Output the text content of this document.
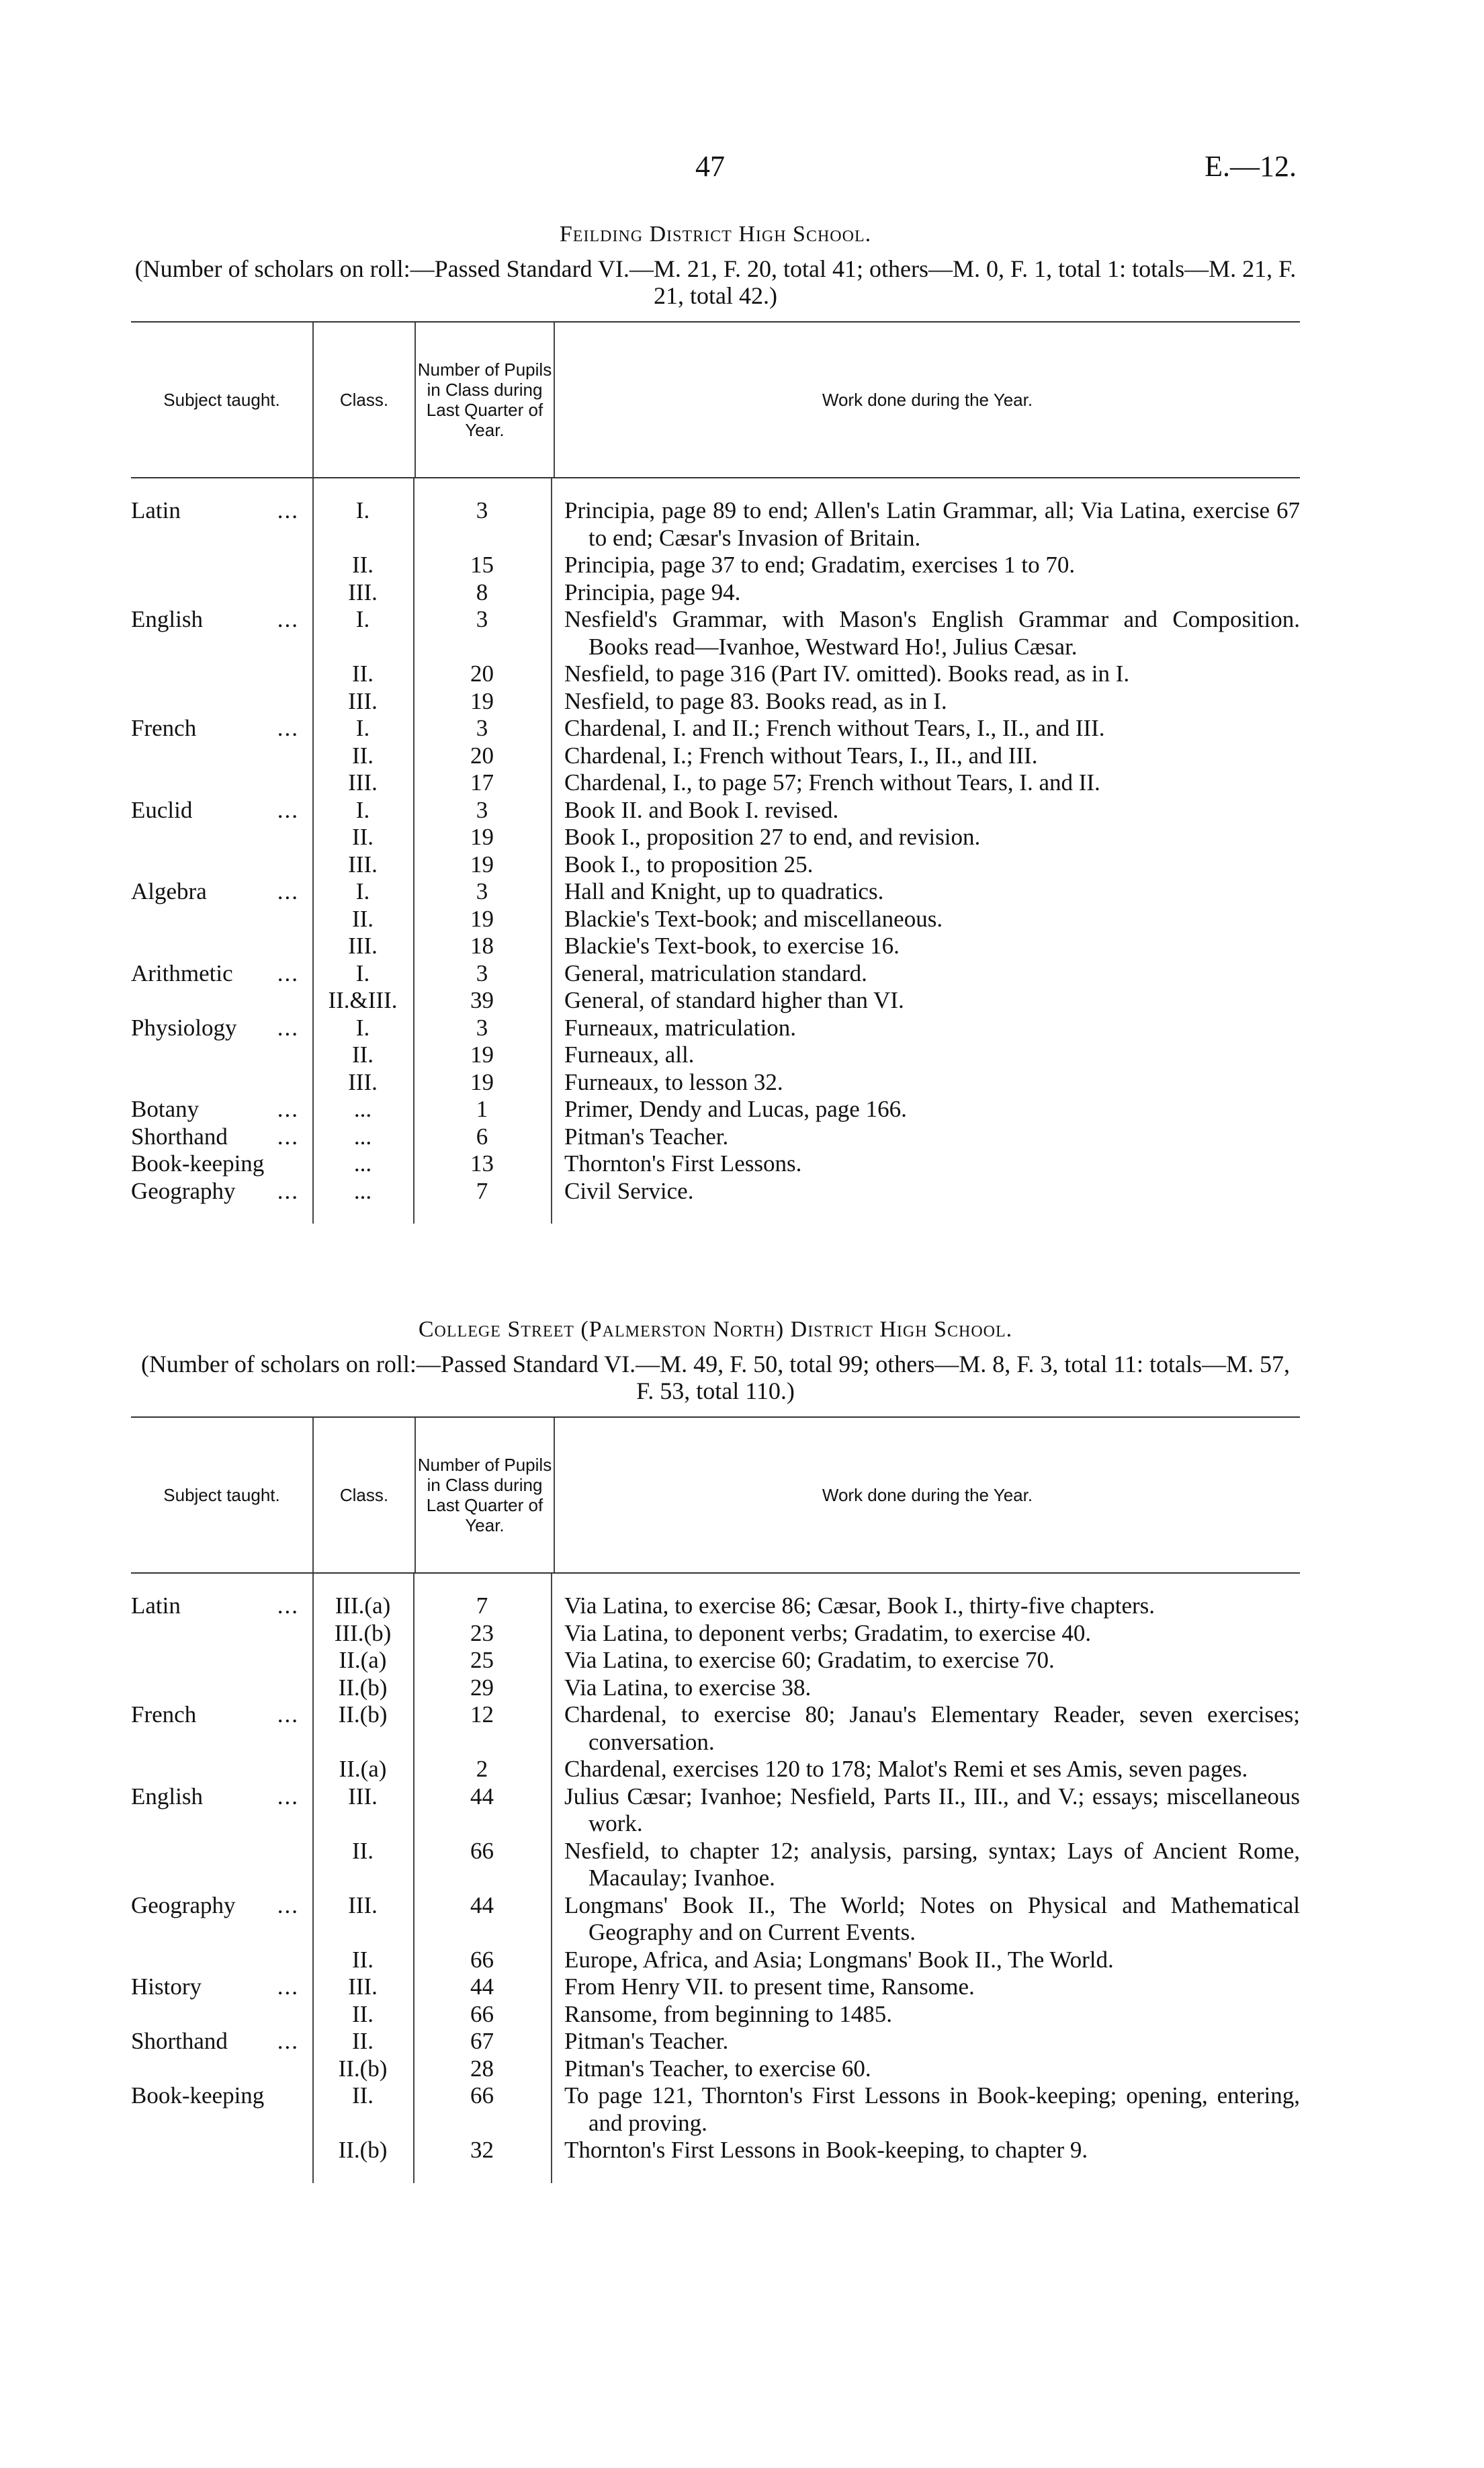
47	E.—12.
Feilding District High School.
(Number of scholars on roll:—Passed Standard VI.—M. 21, F. 20, total 41; others—M. 0, F. 1, total 1: totals—M. 21, F. 21, total 42.)
Subject taught.	Class.
Number of Pupils in Class during Last Quarter of Year.
Work done during the Year.
Latin	...	I.	3	Principia, page 89 to end; Allen's Latin Grammar, all; Via Latina, exercise 67 to end; Cæsar's Invasion of Britain.
II.	15	Principia, page 37 to end; Gradatim, exercises 1 to 70.
III.	8	Principia, page 94.
English	...	I.	3	Nesfield's Grammar, with Mason's English Grammar and Composition. Books read—Ivanhoe, Westward Ho!, Julius Cæsar.
II.	20	Nesfield, to page 316 (Part IV. omitted). Books read, as in I.
III.	19	Nesfield, to page 83. Books read, as in I.
French	...	I.	3	Chardenal, I. and II.; French without Tears, I., II., and III.
II.	20	Chardenal, I.; French without Tears, I., II., and III.
III.	17	Chardenal, I., to page 57; French without Tears, I. and II.
Euclid	...	I.	3	Book II. and Book I. revised.
II.	19	Book I., proposition 27 to end, and revision.
III.	19	Book I., to proposition 25.
Algebra	...	I.	3	Hall and Knight, up to quadratics.
II.	19	Blackie's Text-book; and miscellaneous.
III.	18	Blackie's Text-book, to exercise 16.
Arithmetic ...	I.	3	General, matriculation standard.
II.&III.	39	General, of standard higher than VI.
Physiology ...	I.	3	Furneaux, matriculation.
II.	19	Furneaux, all.
III.	19	Furneaux, to lesson 32.
Botany	...	...	1	Primer, Dendy and Lucas, page 166.
Shorthand ...	...	6	Pitman's Teacher.
Book-keeping	...	13	Thornton's First Lessons.
Geography ...	...	7	Civil Service.
College Street (Palmerston North) District High School.
(Number of scholars on roll:—Passed Standard VI.—M. 49, F. 50, total 99; others—M. 8, F. 3, total 11: totals—M. 57, F. 53, total 110.)
Subject taught.	Class.
Number of Pupils in Class during Last Quarter of Year.
Work done during the Year.
Latin	...	III.(a)	7	Via Latina, to exercise 86; Cæsar, Book I., thirty-five chapters.
III.(b)	23	Via Latina, to deponent verbs; Gradatim, to exercise 40.
II.(a)	25	Via Latina, to exercise 60; Gradatim, to exercise 70.
II.(b)	29	Via Latina, to exercise 38.
French	...	II.(b)	12	Chardenal, to exercise 80; Janau's Elementary Reader, seven exercises; conversation.
II.(a)	2	Chardenal, exercises 120 to 178; Malot's Remi et ses Amis, seven pages.
English	...	III.	44	Julius Cæsar; Ivanhoe; Nesfield, Parts II., III., and V.; essays; miscellaneous work.
II.	66	Nesfield, to chapter 12; analysis, parsing, syntax; Lays of Ancient Rome, Macaulay; Ivanhoe.
Geography ...	III.	44	Longmans' Book II., The World; Notes on Physical and Mathematical Geography and on Current Events.
II.	66	Europe, Africa, and Asia; Longmans' Book II., The World.
History	...	III.	44	From Henry VII. to present time, Ransome.
II.	66	Ransome, from beginning to 1485.
Shorthand ...	II.	67	Pitman's Teacher.
II.(b)	28	Pitman's Teacher, to exercise 60.
Book-keeping	II.	66	To page 121, Thornton's First Lessons in Book-keeping; opening, entering, and proving.
II.(b)	32	Thornton's First Lessons in Book-keeping, to chapter 9.
